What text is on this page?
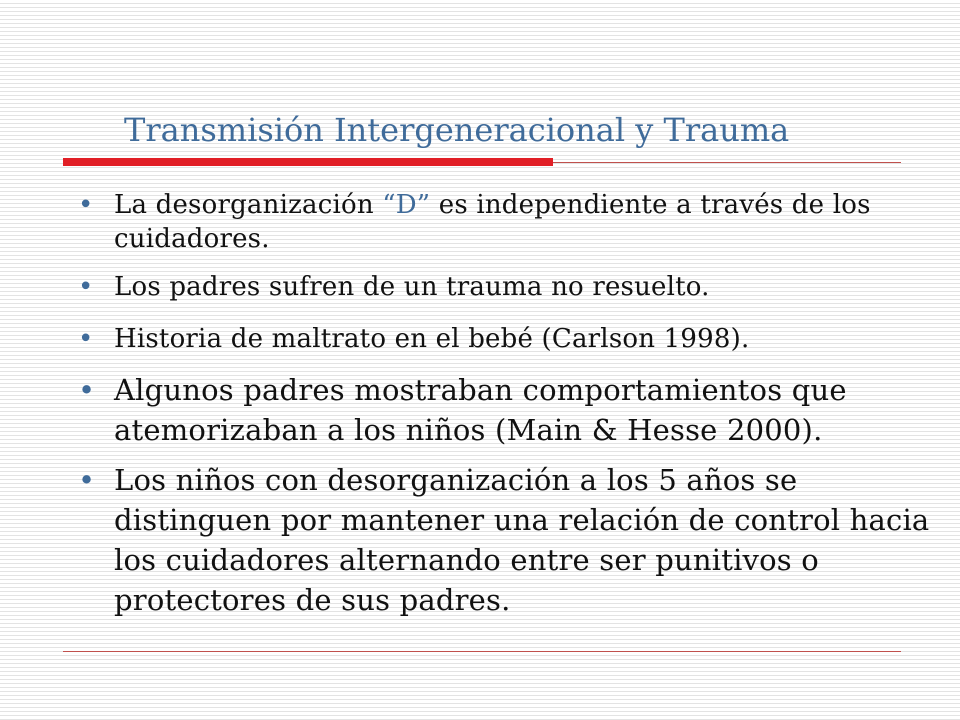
Transmisión Intergeneracional y Trauma
• La desorganización “D” es independiente a través de los cuidadores.
• Los padres sufren de un trauma no resuelto.
• Historia de maltrato en el bebé (Carlson 1998).
• Algunos padres mostraban comportamientos que atemorizaban a los niños (Main & Hesse 2000).
• Los niños con desorganización a los 5 años se distinguen por mantener una relación de control hacia los cuidadores alternando entre ser punitivos o protectores de sus padres.
